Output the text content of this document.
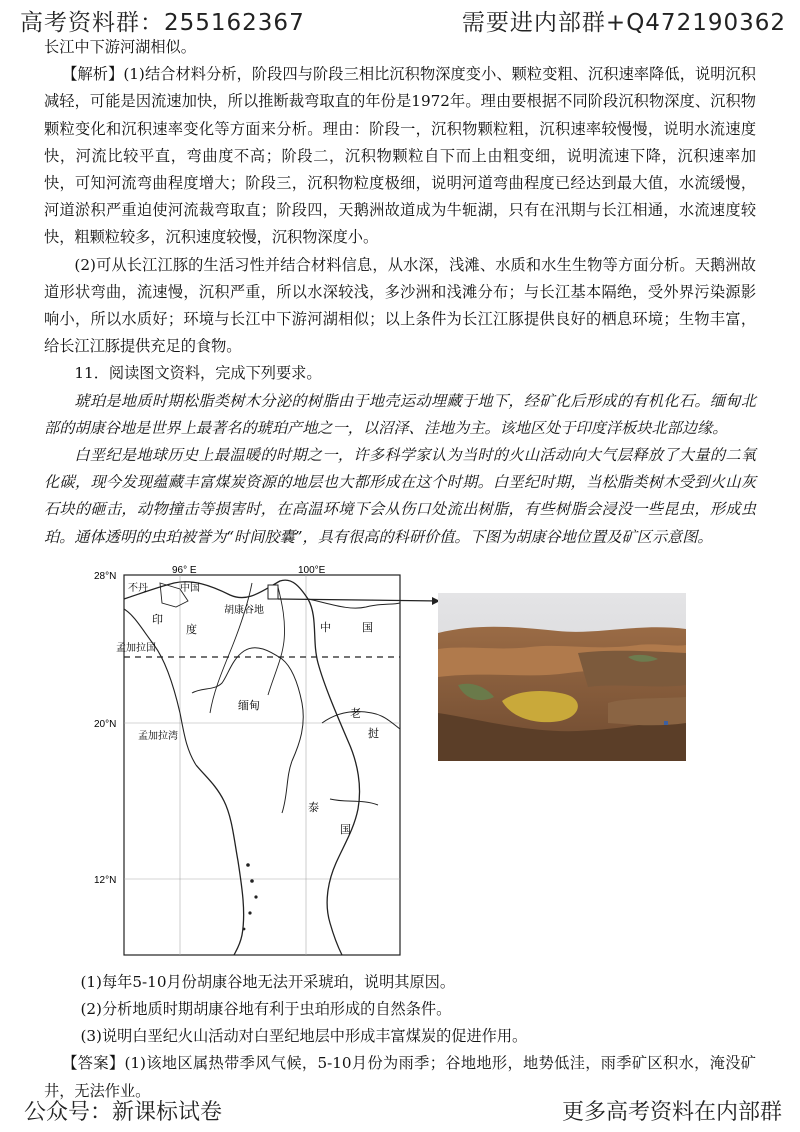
高考资料群：255162367	需要进内部群+Q472190362

长江中下游河湖相似。

【解析】(1)结合材料分析，阶段四与阶段三相比沉积物深度变小、颗粒变粗、沉积速率降低，说明沉积减轻，可能是因流速加快，所以推断裁弯取直的年份是1972年。理由要根据不同阶段沉积物深度、沉积物颗粒变化和沉积速率变化等方面来分析。理由：阶段一，沉积物颗粒粗，沉积速率较慢慢，说明水流速度快，河流比较平直，弯曲度不高；阶段二，沉积物颗粒自下而上由粗变细，说明流速下降，沉积速率加快，可知河流弯曲程度增大；阶段三，沉积物粒度极细，说明河道弯曲程度已经达到最大值，水流缓慢，河道淤积严重迫使河流裁弯取直；阶段四，天鹅洲故道成为牛轭湖，只有在汛期与长江相通，水流速度较快，粗颗粒较多，沉积速度较慢，沉积物深度小。

(2)可从长江江豚的生活习性并结合材料信息，从水深，浅滩、水质和水生生物等方面分析。天鹅洲故道形状弯曲，流速慢，沉积严重，所以水深较浅，多沙洲和浅滩分布；与长江基本隔绝，受外界污染源影响小，所以水质好；环境与长江中下游河湖相似；以上条件为长江江豚提供良好的栖息环境；生物丰富，给长江江豚提供充足的食物。

11．阅读图文资料，完成下列要求。

琥珀是地质时期松脂类树木分泌的树脂由于地壳运动埋藏于地下，经矿化后形成的有机化石。缅甸北部的胡康谷地是世界上最著名的琥珀产地之一，以沼泽、洼地为主。该地区处于印度洋板块北部边缘。

白垩纪是地球历史上最温暖的时期之一，许多科学家认为当时的火山活动向大气层释放了大量的二氧化碳，现今发现蕴藏丰富煤炭资源的地层也大都形成在这个时期。白垩纪时期，当松脂类树木受到火山灰石块的砸击，动物撞击等损害时，在高温环境下会从伤口处流出树脂，有些树脂会浸没一些昆虫，形成虫珀。通体透明的虫珀被誉为“时间胶囊”，具有很高的科研价值。下图为胡康谷地位置及矿区示意图。

96° E	100°E
28°N
20°N
12°N
不丹	中国
印
度
胡康谷地
孟加拉国
中	国
缅甸
孟加拉湾
老
挝
泰
国

(1)每年5-10月份胡康谷地无法开采琥珀，说明其原因。

(2)分析地质时期胡康谷地有利于虫珀形成的自然条件。

(3)说明白垩纪火山活动对白垩纪地层中形成丰富煤炭的促进作用。

【答案】(1)该地区属热带季风气候，5-10月份为雨季；谷地地形，地势低洼，雨季矿区积水，淹没矿井，无法作业。

公众号：新课标试卷	更多高考资料在内部群
